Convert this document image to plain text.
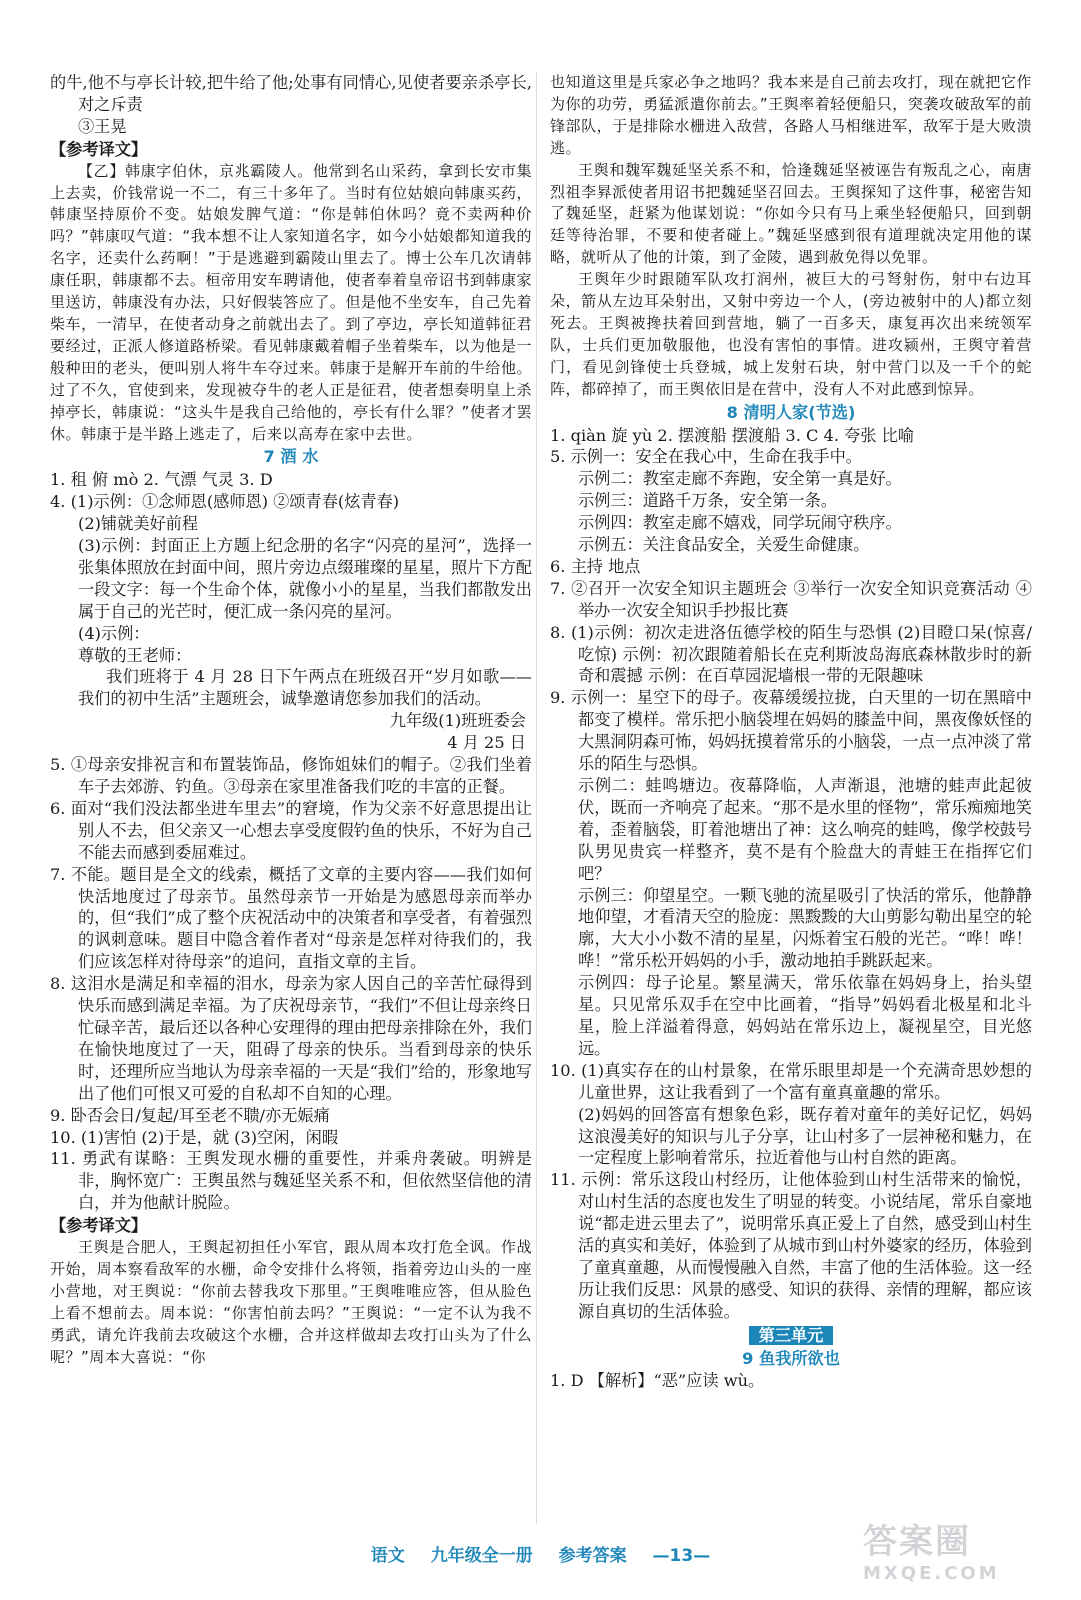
的牛,他不与亭长计较,把牛给了他;处事有同情心,见使者要亲杀亭长,对之斥责

③王晃

【参考译文】

【乙】韩康字伯休，京兆霸陵人。他常到名山采药，拿到长安市集上去卖，价钱常说一不二，有三十多年了。当时有位姑娘向韩康买药，韩康坚持原价不变。姑娘发脾气道：“你是韩伯休吗？竟不卖两种价吗？”韩康叹气道：“我本想不让人家知道名字，如今小姑娘都知道我的名字，还卖什么药啊！”于是逃避到霸陵山里去了。博士公车几次请韩康任职，韩康都不去。桓帝用安车聘请他，使者奉着皇帝诏书到韩康家里送访，韩康没有办法，只好假装答应了。但是他不坐安车，自己先着柴车，一清早，在使者动身之前就出去了。到了亭边，亭长知道韩征君要经过，正派人修道路桥梁。看见韩康戴着帽子坐着柴车，以为他是一般种田的老头，便叫别人将牛车夺过来。韩康于是解开车前的牛给他。过了不久，官使到来，发现被夺牛的老人正是征君，使者想奏明皇上杀掉亭长，韩康说：“这头牛是我自己给他的，亭长有什么罪？”使者才罢休。韩康于是半路上逃走了，后来以高寿在家中去世。

7 酒 水

1. 租 俯 mò 2. 气漂 气灵 3. D

4. (1)示例：①念师恩(感师恩) ②颂青春(炫青春)

(2)铺就美好前程

(3)示例：封面正上方题上纪念册的名字“闪亮的星河”，选择一张集体照放在封面中间，照片旁边点缀璀璨的星星，照片下方配一段文字：每一个生命个体，就像小小的星星，当我们都散发出属于自己的光芒时，便汇成一条闪亮的星河。

(4)示例：

尊敬的王老师：

我们班将于 4 月 28 日下午两点在班级召开“岁月如歌——我们的初中生活”主题班会，诚挚邀请您参加我们的活动。

九年级(1)班班委会

4 月 25 日

5. ①母亲安排祝言和布置装饰品，修饰姐妹们的帽子。②我们坐着车子去郊游、钓鱼。③母亲在家里准备我们吃的丰富的正餐。

6. 面对“我们没法都坐进车里去”的窘境，作为父亲不好意思提出让别人不去，但父亲又一心想去享受度假钓鱼的快乐，不好为自己不能去而感到委屈难过。

7. 不能。题目是全文的线索，概括了文章的主要内容——我们如何快活地度过了母亲节。虽然母亲节一开始是为感恩母亲而举办的，但“我们”成了整个庆祝活动中的决策者和享受者，有着强烈的讽刺意味。题目中隐含着作者对“母亲是怎样对待我们的，我们应该怎样对待母亲”的追问，直指文章的主旨。

8. 这泪水是满足和幸福的泪水，母亲为家人因自己的辛苦忙碌得到快乐而感到满足幸福。为了庆祝母亲节，“我们”不但让母亲终日忙碌辛苦，最后还以各种心安理得的理由把母亲排除在外，我们在愉快地度过了一天，阻碍了母亲的快乐。当看到母亲的快乐时，还理所应当地认为母亲幸福的一天是“我们”给的，形象地写出了他们可恨又可爱的自私却不自知的心理。

9. 卧否会日/复起/耳至老不聩/亦无娠痛

10. (1)害怕 (2)于是，就 (3)空闲，闲暇

11. 勇武有谋略：王舆发现水栅的重要性，并乘舟袭破。明辨是非，胸怀宽广：王舆虽然与魏延坚关系不和，但依然坚信他的清白，并为他献计脱险。

【参考译文】

王舆是合肥人，王舆起初担任小军官，跟从周本攻打危全讽。作战开始，周本察看敌军的水栅，命令安排什么将领，指着旁边山头的一座小营地，对王舆说：“你前去替我攻下那里。”王舆唯唯应答，但从脸色上看不想前去。周本说：“你害怕前去吗？”王舆说：“一定不认为我不勇武，请允许我前去攻破这个水栅，合并这样做却去攻打山头为了什么呢？”周本大喜说：“你

也知道这里是兵家必争之地吗？我本来是自己前去攻打，现在就把它作为你的功劳，勇猛派遣你前去。”王舆率着轻便船只，突袭攻破敌军的前锋部队，于是排除水栅进入敌营，各路人马相继进军，敌军于是大败溃逃。

王舆和魏军魏延坚关系不和，恰逢魏延坚被诬告有叛乱之心，南唐烈祖李昪派使者用诏书把魏延坚召回去。王舆探知了这件事，秘密告知了魏延坚，赶紧为他谋划说：“你如今只有马上乘坐轻便船只，回到朝廷等待治罪，不要和使者碰上。”魏延坚感到很有道理就决定用他的谋略，就听从了他的计策，到了金陵，遇到赦免得以免罪。

王舆年少时跟随军队攻打润州，被巨大的弓弩射伤，射中右边耳朵，箭从左边耳朵射出，又射中旁边一个人，(旁边被射中的人)都立刻死去。王舆被搀扶着回到营地，躺了一百多天，康复再次出来统领军队，士兵们更加敬服他，也没有害怕的事情。进攻颍州，王舆守着营门，看见剑锋使士兵登城，城上发射石块，射中营门以及一千个的蛇阵，都碎掉了，而王舆依旧是在营中，没有人不对此感到惊异。

8 清明人家(节选)

1. qiàn 旋 yù 2. 摆渡船 摆渡船 3. C 4. 夸张 比喻

5. 示例一：安全在我心中，生命在我手中。

示例二：教室走廊不奔跑，安全第一真是好。

示例三：道路千万条，安全第一条。

示例四：教室走廊不嬉戏，同学玩闹守秩序。

示例五：关注食品安全，关爱生命健康。

6. 主持 地点

7. ②召开一次安全知识主题班会 ③举行一次安全知识竞赛活动 ④举办一次安全知识手抄报比赛

8. (1)示例：初次走进洛伍德学校的陌生与恐惧 (2)目瞪口呆(惊喜/吃惊) 示例：初次跟随着船长在克利斯波岛海底森林散步时的新奇和震撼 示例：在百草园泥墙根一带的无限趣味

9. 示例一：星空下的母子。夜幕缓缓拉拢，白天里的一切在黑暗中都变了模样。常乐把小脑袋埋在妈妈的膝盖中间，黑夜像妖怪的大黑洞阴森可怖，妈妈抚摸着常乐的小脑袋，一点一点冲淡了常乐的陌生与恐惧。

示例二：蛙鸣塘边。夜幕降临，人声渐退，池塘的蛙声此起彼伏，既而一齐响亮了起来。“那不是水里的怪物”，常乐痴痴地笑着，歪着脑袋，盯着池塘出了神：这么响亮的蛙鸣，像学校鼓号队男见贵宾一样整齐，莫不是有个脸盘大的青蛙王在指挥它们吧？

示例三：仰望星空。一颗飞驰的流星吸引了快活的常乐，他静静地仰望，才看清天空的脸庞：黑黢黢的大山剪影勾勒出星空的轮廓，大大小小数不清的星星，闪烁着宝石般的光芒。“哗！哗！哗！”常乐松开妈妈的小手，激动地拍手跳跃起来。

示例四：母子论星。繁星满天，常乐依靠在妈妈身上，抬头望星。只见常乐双手在空中比画着，“指导”妈妈看北极星和北斗星，脸上洋溢着得意，妈妈站在常乐边上，凝视星空，目光悠远。

10. (1)真实存在的山村景象，在常乐眼里却是一个充满奇思妙想的儿童世界，这让我看到了一个富有童真童趣的常乐。

(2)妈妈的回答富有想象色彩，既存着对童年的美好记忆，妈妈这浪漫美好的知识与儿子分享，让山村多了一层神秘和魅力，在一定程度上影响着常乐，拉近着他与山村自然的距离。

11. 示例：常乐这段山村经历，让他体验到山村生活带来的愉悦，对山村生活的态度也发生了明显的转变。小说结尾，常乐自豪地说“都走进云里去了”，说明常乐真正爱上了自然，感受到山村生活的真实和美好，体验到了从城市到山村外婆家的经历，体验到了童真童趣，从而慢慢融入自然，丰富了他的生活体验。这一经历让我们反思：风景的感受、知识的获得、亲情的理解，都应该源自真切的生活体验。

第三单元

9 鱼我所欲也

1. D 【解析】“恶”应读 wù。

语文 九年级全一册 参考答案 —13—	答案圈
MXQE.COM
